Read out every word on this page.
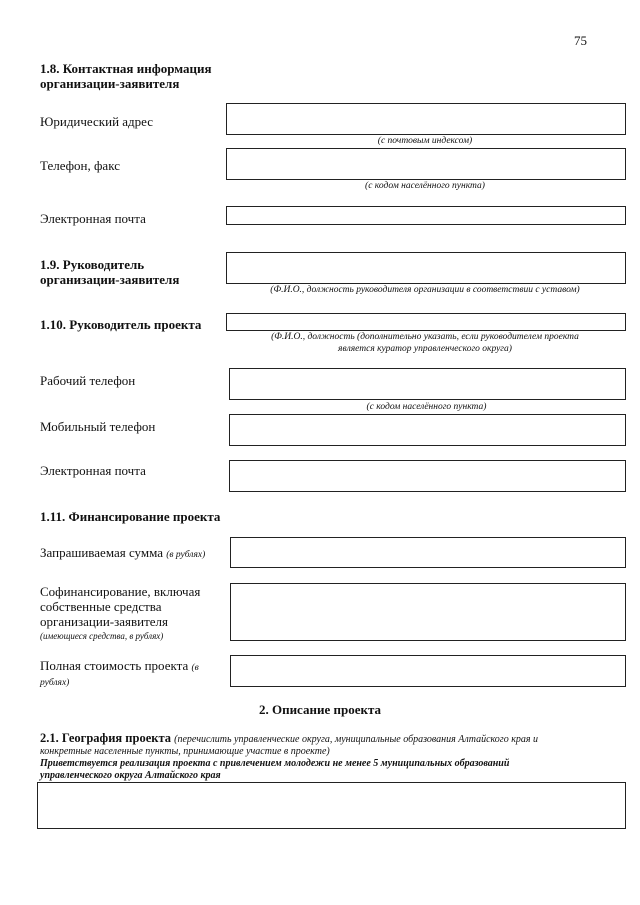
75
1.8. Контактная информация
организации-заявителя
Юридический адрес
(с почтовым индексом)
Телефон, факс
(с кодом населённого пункта)
Электронная почта
1.9. Руководитель
организации-заявителя
(Ф.И.О., должность руководителя организации в соответствии с уставом)
1.10. Руководитель проекта
(Ф.И.О., должность (дополнительно указать, если руководителем проекта
является куратор управленческого округа)
Рабочий телефон
(с кодом населённого пункта)
Мобильный телефон
Электронная почта
1.11. Финансирование проекта
Запрашиваемая сумма (в рублях)
Софинансирование, включая
собственные средства
организации-заявителя
(имеющиеся средства, в рублях)
Полная стоимость проекта (в
рублях)
2. Описание проекта
2.1. География проекта (перечислить управленческие округа, муниципальные образования Алтайского края и
конкретные населенные пункты, принимающие участие в проекте)
Приветствуется реализация проекта с привлечением молодежи не менее 5 муниципальных образований
управленческого округа Алтайского края
